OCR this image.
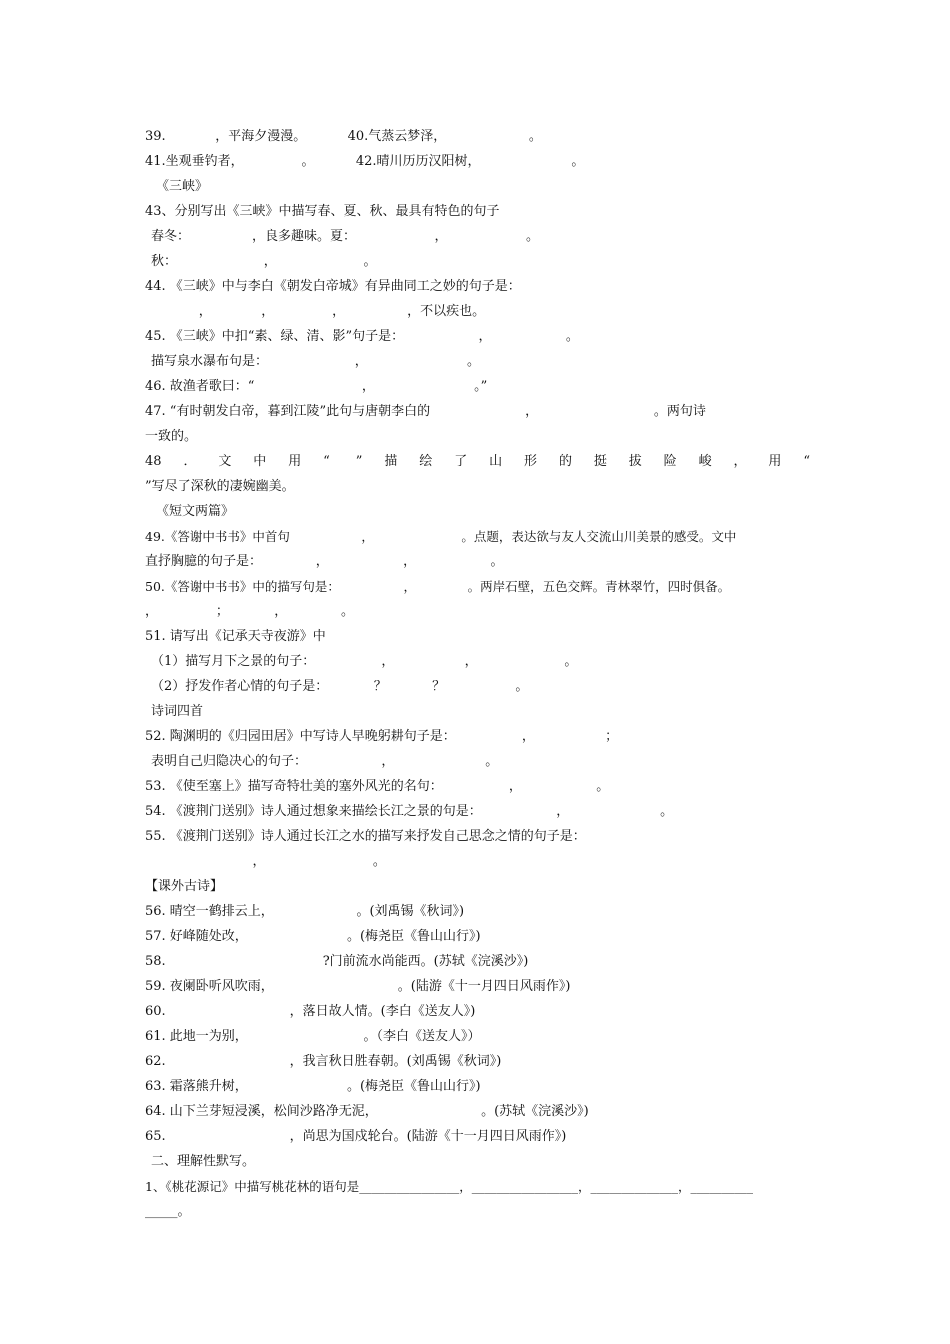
39.            ，平海夕漫漫。          40.气蒸云梦泽，                    。
41.坐观垂钓者，              。          42.晴川历历汉阳树，                      。
《三峡》
43、分别写出《三峡》中描写春、夏、秋、最具有特色的句子
春冬：               ，良多趣味。夏：                   ，                   。
秋：                     ，                     。
44. 《三峡》中与李白《朝发白帝城》有异曲同工之妙的句子是：
，            ，              ，               ，不以疾也。
45. 《三峡》中扣“素、绿、清、影”句子是：                  ，                  。
描写泉水瀑布句是：                     ，                        。
46. 故渔者歌曰：“                          ，                        。”
47. “有时朝发白帝，暮到江陵”此句与唐朝李白的                       ，                            。两句诗
一致的。
48．文中用“ ”描绘了山形的挺拔险峻，用“
”写尽了深秋的凄婉幽美。
《短文两篇》
49.《答谢中书书》中首句                  ，                      。点题，表达欲与友人交流山川美景的感受。文中
直抒胸臆的句子是：             ，                  ，                  。
50.《答谢中书书》中的描写句是：                ，             。两岸石壁，五色交辉。青林翠竹，四时俱备。
，              ；           ，             。
51. 请写出《记承天寺夜游》中
（1）描写月下之景的句子：                ，                 ，                     。
（2）抒发作者心情的句子是：           ？           ？                 。
诗词四首
52. 陶渊明的《归园田居》中写诗人早晚躬耕句子是：                ，                 ；
表明自己归隐决心的句子：                  ，                      。
53. 《使至塞上》描写奇特壮美的塞外风光的名句：                ，                  。
54. 《渡荆门送别》诗人通过想象来描绘长江之景的句是：                  ，                      。
55. 《渡荆门送别》诗人通过长江之水的描写来抒发自己思念之情的句子是：
，                          。
【课外古诗】
56. 晴空一鹤排云上，                    。(刘禹锡《秋词》)
57. 好峰随处改，                        。(梅尧臣《鲁山山行》)
58.                                      ?门前流水尚能西。(苏轼《浣溪沙》)
59. 夜阑卧听风吹雨，                              。(陆游《十一月四日风雨作》)
60.                              ，落日故人情。(李白《送友人》)
61. 此地一为别，                            。（李白《送友人》）
62.                              ，我言秋日胜春朝。(刘禹锡《秋词》)
63. 霜落熊升树，                        。(梅尧臣《鲁山山行》)
64. 山下兰芽短浸溪，松间沙路净无泥，                         。(苏轼《浣溪沙》)
65.                              ，尚思为国戍轮台。(陆游《十一月四日风雨作》)
二、理解性默写。
1、《桃花源记》中描写桃花林的语句是________________，_________________，______________，__________
_____。
